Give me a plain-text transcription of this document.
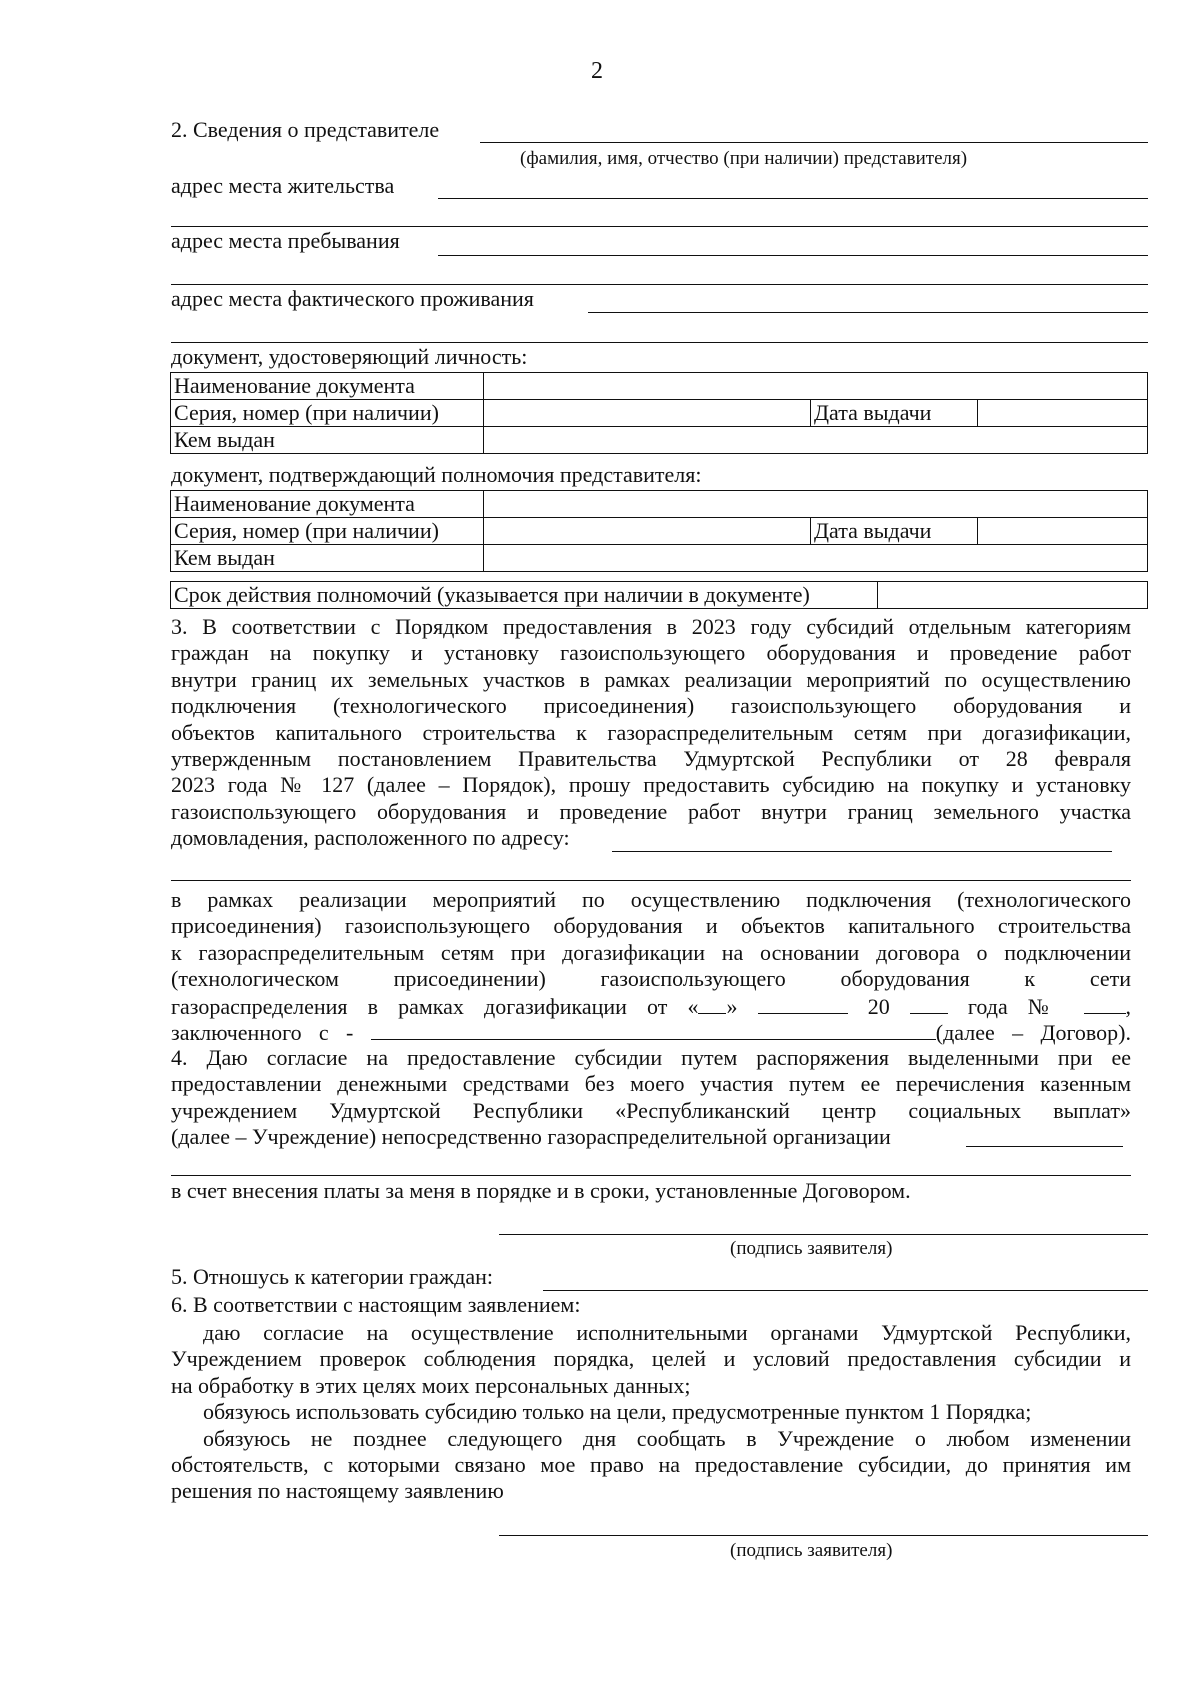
2
2. Сведения о представителе
(фамилия, имя, отчество (при наличии) представителя)
адрес места жительства
адрес места пребывания
адрес места фактического проживания
документ, удостоверяющий личность:
Наименование документа			
Серия, номер (при наличии)		Дата выдачи	
Кем выдан			
документ, подтверждающий полномочия представителя:
Наименование документа			
Серия, номер (при наличии)		Дата выдачи	
Кем выдан			
Срок действия полномочий (указывается при наличии в документе)	
3. В соответствии с Порядком предоставления в 2023 году субсидий отдельным категориям
граждан на покупку и установку газоиспользующего оборудования и проведение работ
внутри границ их земельных участков в рамках реализации мероприятий по осуществлению
подключения (технологического присоединения) газоиспользующего оборудования и
объектов капитального строительства к газораспределительным сетям при догазификации,
утвержденным постановлением Правительства Удмуртской Республики от 28 февраля
2023 года № 127 (далее – Порядок), прошу предоставить субсидию на покупку и установку
газоиспользующего оборудования и проведение работ внутри границ земельного участка
домовладения, расположенного по адресу:
в рамках реализации мероприятий по осуществлению подключения (технологического
присоединения) газоиспользующего оборудования и объектов капитального строительства
к газораспределительным сетям при догазификации на основании договора о подключении
(технологическом присоединении) газоиспользующего оборудования к сети
газораспределения в рамках догазификации от « »	20	года №	,
заключенного с -	(далее – Договор).
4. Даю согласие на предоставление субсидии путем распоряжения выделенными при ее
предоставлении денежными средствами без моего участия путем ее перечисления казенным
учреждением Удмуртской Республики «Республиканский центр социальных выплат»
(далее – Учреждение) непосредственно газораспределительной организации
в счет внесения платы за меня в порядке и в сроки, установленные Договором.
(подпись заявителя)
5. Отношусь к категории граждан:
6. В соответствии с настоящим заявлением:
даю согласие на осуществление исполнительными органами Удмуртской Республики,
Учреждением проверок соблюдения порядка, целей и условий предоставления субсидии и
на обработку в этих целях моих персональных данных;
обязуюсь использовать субсидию только на цели, предусмотренные пунктом 1 Порядка;
обязуюсь не позднее следующего дня сообщать в Учреждение о любом изменении
обстоятельств, с которыми связано мое право на предоставление субсидии, до принятия им
решения по настоящему заявлению
(подпись заявителя)
